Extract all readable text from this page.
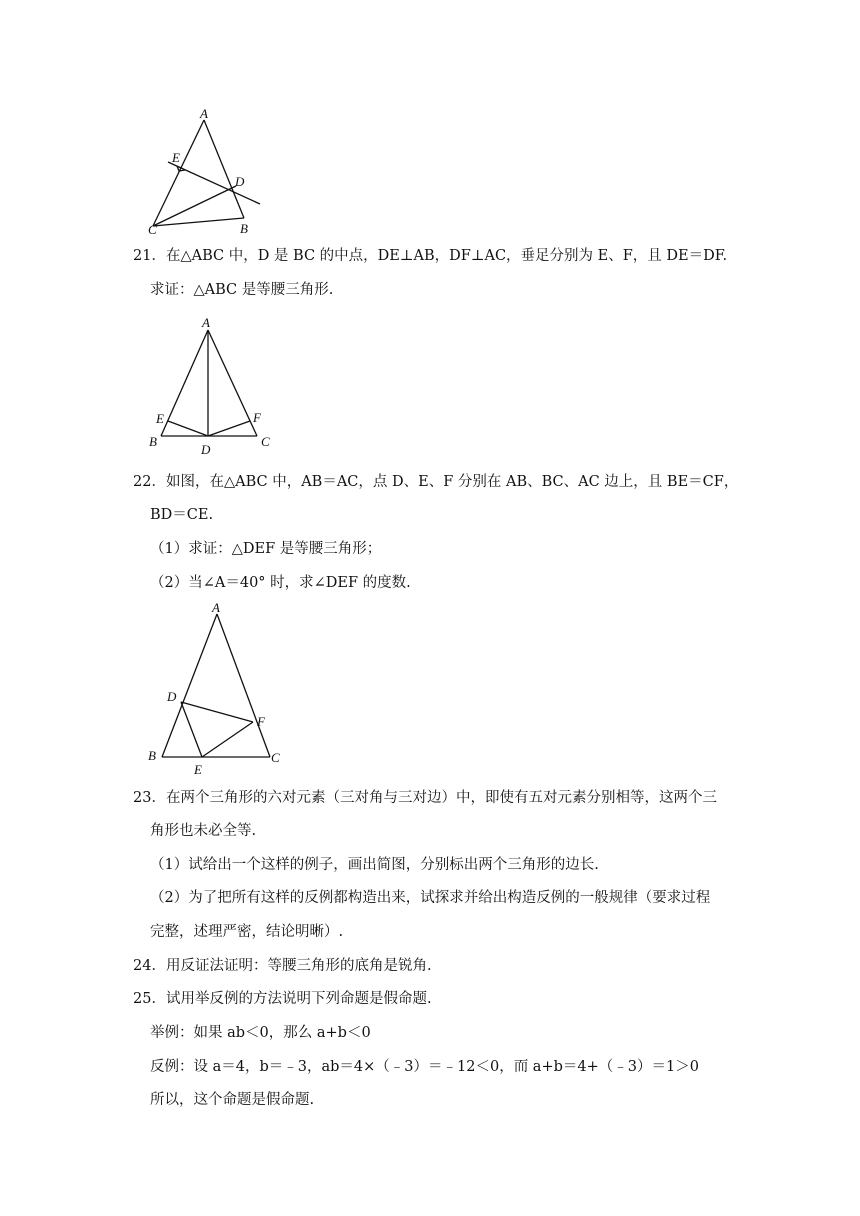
A
E
D
C	B
21．在△ABC 中，D 是 BC 的中点，DE⊥AB，DF⊥AC，垂足分别为 E、F，且 DE＝DF.
求证：△ABC 是等腰三角形.
A
E	F
B
D
C
22．如图，在△ABC 中，AB＝AC，点 D、E、F 分别在 AB、BC、AC 边上，且 BE＝CF，
BD＝CE.
（1）求证：△DEF 是等腰三角形；
（2）当∠A＝40° 时，求∠DEF 的度数.
A
D
F
B
E
C
23．在两个三角形的六对元素（三对角与三对边）中，即使有五对元素分别相等，这两个三
角形也未必全等.
（1）试给出一个这样的例子，画出简图，分别标出两个三角形的边长.
（2）为了把所有这样的反例都构造出来，试探求并给出构造反例的一般规律（要求过程
完整，述理严密，结论明晰）.
24．用反证法证明：等腰三角形的底角是锐角.
25．试用举反例的方法说明下列命题是假命题.
举例：如果 ab＜0，那么 a+b＜0
反例：设 a＝4，b＝﹣3，ab＝4×（﹣3）＝﹣12＜0，而 a+b＝4+（﹣3）＝1＞0
所以，这个命题是假命题.
